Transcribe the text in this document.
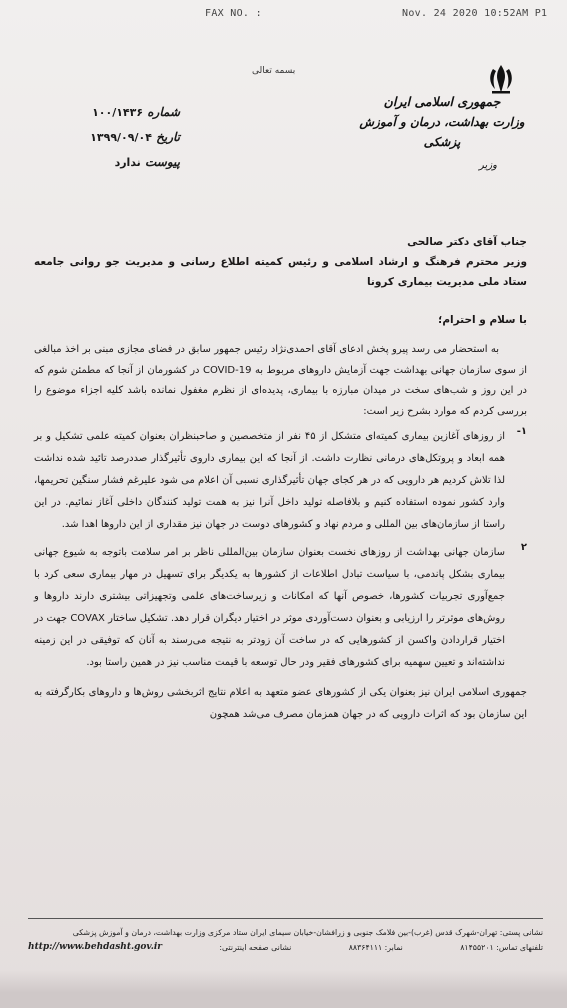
FAX NO. :	Nov. 24 2020 10:52AM P1
بسمه تعالی
جمهوری اسلامی ایران
وزارت بهداشت، درمان و آموزش پزشکی
وزیر
شماره ۱۰۰/۱۴۳۶
تاریخ ۱۳۹۹/۰۹/۰۴
پیوست ندارد
جناب آقای دکتر صالحی
وزیر محترم فرهنگ و ارشاد اسلامی و رئیس کمیته اطلاع رسانی و مدیریت جو روانی جامعه ستاد ملی مدیریت بیماری کرونا
با سلام و احترام؛

به استحضار می رسد پیرو پخش ادعای آقای احمدی‌نژاد رئیس جمهور سابق در فضای مجازی مبنی بر اخذ مبالغی از سوی سازمان جهانی بهداشت جهت آزمایش داروهای مربوط به COVID-19 در کشورمان از آنجا که مطمئن شوم که در این روز و شب‌های سخت در میدان مبارزه با بیماری، پدیده‌ای از نظرم مغفول نمانده باشد کلیه اجزاء موضوع را بررسی کردم که موارد بشرح زیر است:

۱-
از روزهای آغازین بیماری کمیته‌ای متشکل از ۴۵ نفر از متخصصین و صاحبنظران بعنوان کمیته علمی تشکیل و بر همه ابعاد و پروتکل‌های درمانی نظارت داشت. از آنجا که این بیماری داروی تأثیرگذار صددرصد تائید شده نداشت لذا تلاش کردیم هر دارویی که در هر کجای جهان تأثیرگذاری نسبی آن اعلام می شود علیرغم فشار سنگین تحریمها، وارد کشور نموده استفاده کنیم و بلافاصله تولید داخل آنرا نیز به همت تولید کنندگان داخلی آغاز نمائیم. در این راستا از سازمان‌های بین المللی و مردم نهاد و کشورهای دوست در جهان نیز مقداری از این داروها اهدا شد.
۲
سازمان جهانی بهداشت از روزهای نخست بعنوان سازمان بین‌المللی ناظر بر امر سلامت باتوجه به شیوع جهانی بیماری بشکل پاندمی، با سیاست تبادل اطلاعات از کشورها به یکدیگر برای تسهیل در مهار بیماری سعی کرد با جمع‌آوری تجربیات کشورها، خصوص آنها که امکانات و زیرساخت‌های علمی وتجهیزاتی بیشتری دارند داروها و روش‌های موثرتر را ارزیابی و بعنوان دست‌آوردی موثر در اختیار دیگران قرار دهد. تشکیل ساختار COVAX جهت در اختیار قراردادن واکسن از کشورهایی که در ساخت آن زودتر به نتیجه می‌رسند به آنان که توفیقی در این زمینه نداشته‌اند و تعیین سهمیه برای کشورهای فقیر ودر حال توسعه با قیمت مناسب نیز در همین راستا بود.

جمهوری اسلامی ایران نیز بعنوان یکی از کشورهای عضو متعهد به اعلام نتایج اثربخشی روش‌ها و داروهای بکارگرفته به این سازمان بود که اثرات دارویی که در جهان همزمان مصرف می‌شد همچون

نشانی پستی: تهران-شهرک قدس (غرب)-بین فلامک جنوبی و زرافشان-خیابان سیمای ایران ستاد مرکزی وزارت بهداشت، درمان و آموزش پزشکی
تلفنهای تماس: ۸۱۴۵۵۲۰۱
نمابر: ۸۸۳۶۴۱۱۱
نشانی صفحه اینترنتی:
http://www.behdasht.gov.ir
